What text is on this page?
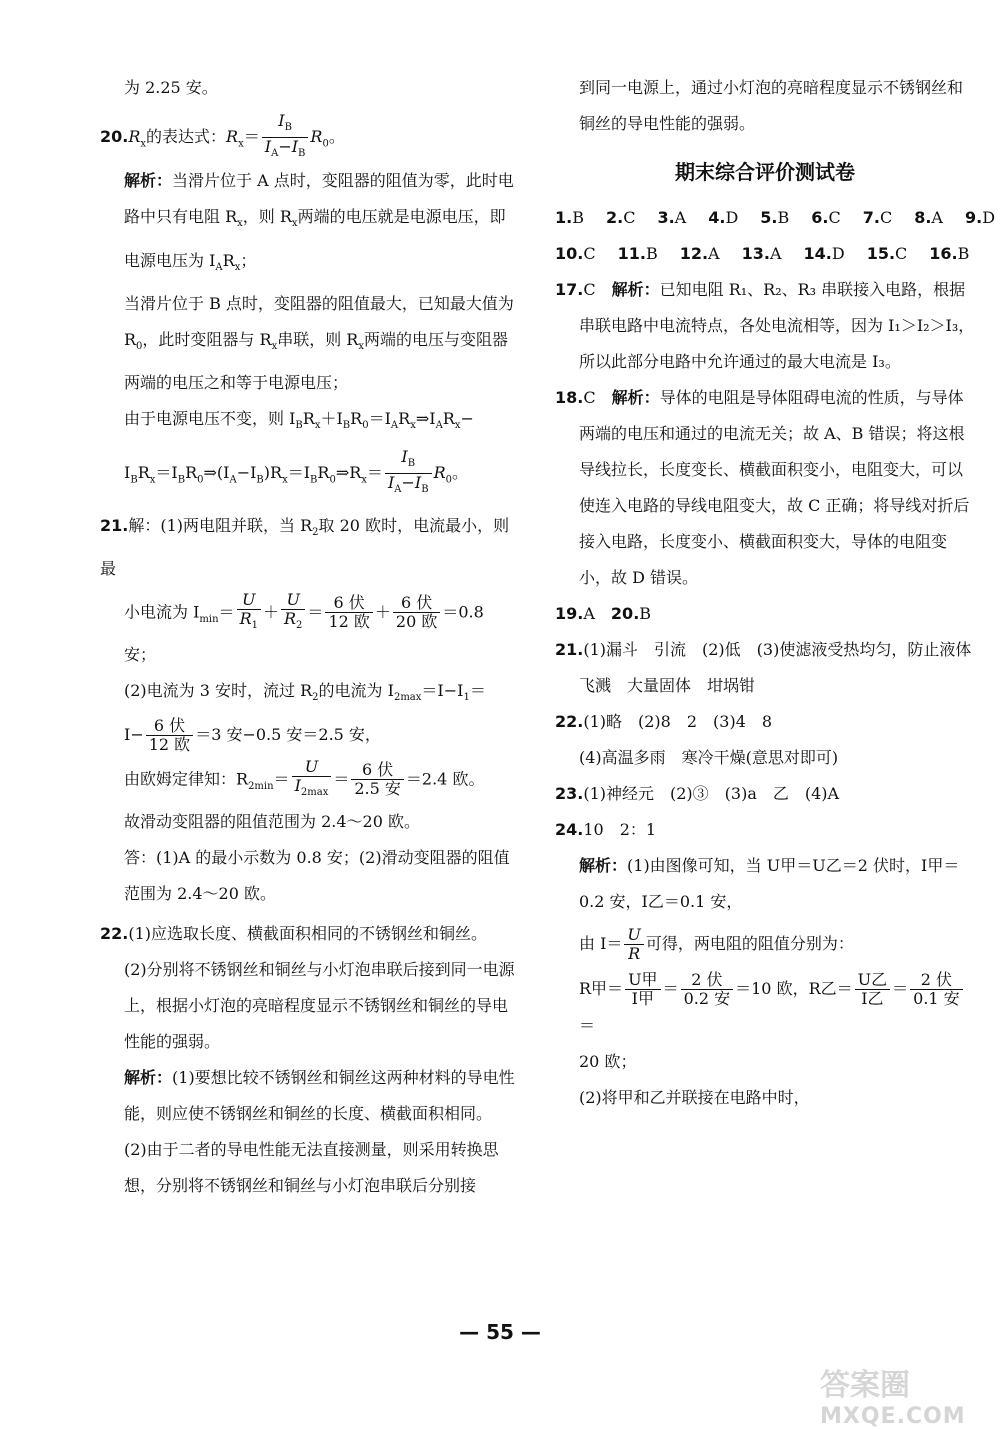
为 2.25 安。

$20.R_x$的表达式：$R_x= \frac{I_B}{I_A-I_B} R_0$。

解析：当滑片位于 A 点时，变阻器的阻值为零，此时电路中只有电阻 $R_x$，则 $R_x$两端的电压就是电源电压，即电源电压为 $I_AR_x$；

当滑片位于 B 点时，变阻器的阻值最大，已知最大值为 $R_0$，此时变阻器与 $R_x$串联，则 $R_x$两端的电压与变阻器两端的电压之和等于电源电压；

由于电源电压不变，则 $I_BR_x+I_BR_0=I_AR_x\Rightarrow I_AR_x-$

$I_BR_x=I_BR_0\Rightarrow(I_A-I_B)R_x=I_BR_0\Rightarrow R_x= \frac{I_B}{I_A-I_B} R_0$。

21.解：(1)两电阻并联，当 $R_2$取 20 欧时，电流最小，则最

小电流为 $I_{min}= \frac{U}{R_1} + \frac{U}{R_2} = \frac{\text{6 伏}}{\text{12 欧}} + \frac{\text{6 伏}}{\text{20 欧}} =0.8$ 安；

(2)电流为 3 安时，流过 $R_2$的电流为 $I_{2max}=I-I_1=$

$I- \frac{\text{6 伏}}{\text{12 欧}} =3$ 安−0.5 安＝2.5 安，

由欧姆定律知：$R_{2min}= \frac{U}{I_{2max}} = \frac{\text{6 伏}}{\text{2.5 安}} =2.4$ 欧。

故滑动变阻器的阻值范围为 2.4～20 欧。

答：(1)A 的最小示数为 0.8 安；(2)滑动变阻器的阻值范围为 2.4～20 欧。

22.(1)应选取长度、横截面积相同的不锈钢丝和铜丝。

(2)分别将不锈钢丝和铜丝与小灯泡串联后接到同一电源上，根据小灯泡的亮暗程度显示不锈钢丝和铜丝的导电性能的强弱。

解析：(1)要想比较不锈钢丝和铜丝这两种材料的导电性能，则应使不锈钢丝和铜丝的长度、横截面积相同。

(2)由于二者的导电性能无法直接测量，则采用转换思想，分别将不锈钢丝和铜丝与小灯泡串联后分别接

到同一电源上，通过小灯泡的亮暗程度显示不锈钢丝和铜丝的导电性能的强弱。

期末综合评价测试卷
1.B 2.C 3.A 4.D 5.B 6.C 7.C 8.A 9.D
10.C 11.B 12.A 13.A 14.D 15.C 16.B

17.C　 解析：已知电阻 R₁、R₂、R₃ 串联接入电路，根据串联电路中电流特点，各处电流相等，因为 I₁＞I₂＞I₃，所以此部分电路中允许通过的最大电流是 I₃。

18.C　 解析：导体的电阻是导体阻碍电流的性质，与导体两端的电压和通过的电流无关；故 A、B 错误；将这根导线拉长，长度变长、横截面积变小，电阻变大，可以使连入电路的导线电阻变大，故 C 正确；将导线对折后接入电路，长度变小、横截面积变大，导体的电阻变小，故 D 错误。

19.A　 20.B

21.(1)漏斗　引流　(2)低　(3)使滤液受热均匀，防止液体飞溅　大量固体　坩埚钳

22.(1)略　(2)8　2　(3)4　8

(4)高温多雨　寒冷干燥(意思对即可)

23.(1)神经元　(2)③　(3)a　乙　(4)A

24.10　2：1

解析：(1)由图像可知，当 U甲＝U乙＝2 伏时，I甲＝0.2 安，I乙＝0.1 安，

由 $I= \frac{U}{R}$ 可得，两电阻的阻值分别为：

R甲＝ $\frac{\text{U甲}}{\text{I甲}} = \frac{\text{2 伏}}{\text{0.2 安}} =10$ 欧，R乙＝ $\frac{\text{U乙}}{\text{I乙}} = \frac{\text{2 伏}}{\text{0.1 安}}$
＝

20 欧；

(2)将甲和乙并联接在电路中时，

— 55 —
答案圈
MXQE.COM
